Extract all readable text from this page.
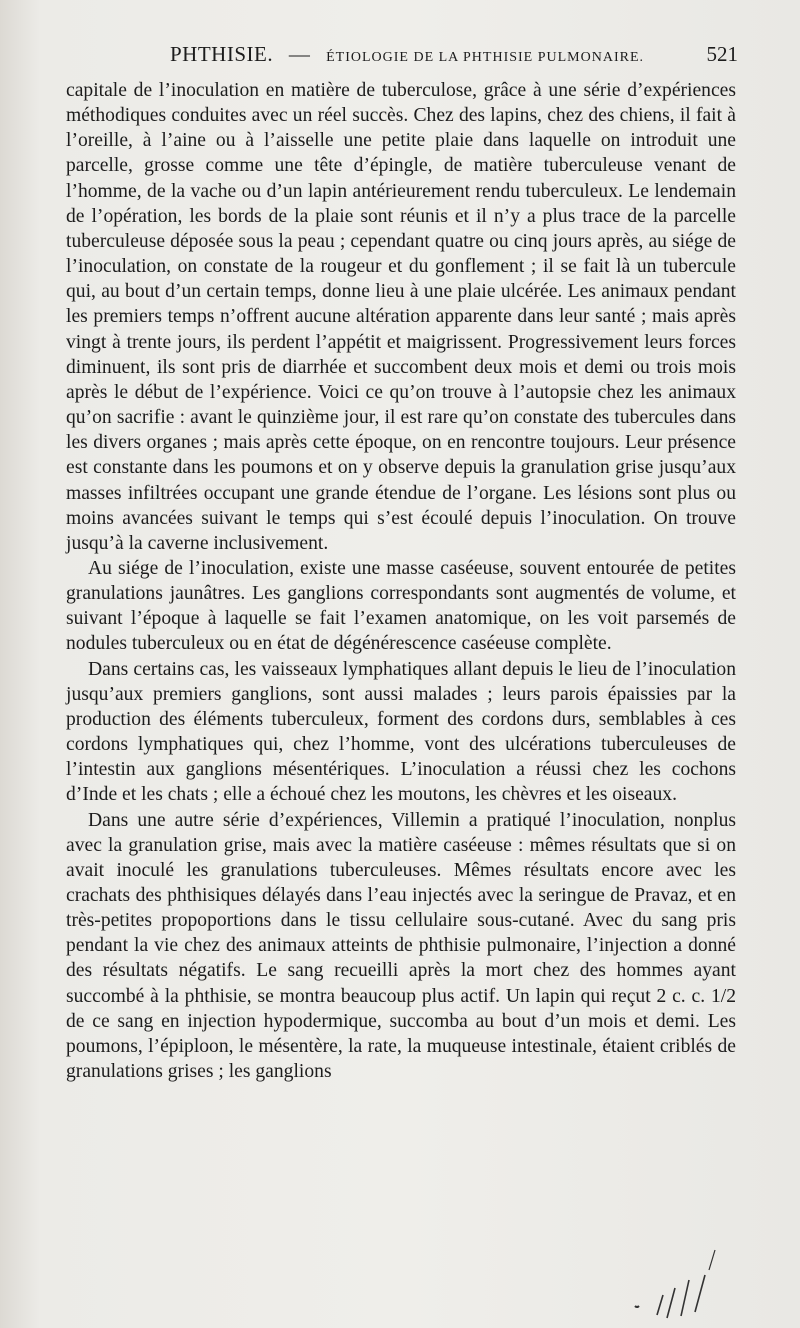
PHTHISIE. — ÉTIOLOGIE DE LA PHTHISIE PULMONAIRE.	521

capitale de l’inoculation en matière de tuberculose, grâce à une série d’expériences méthodiques conduites avec un réel succès. Chez des lapins, chez des chiens, il fait à l’oreille, à l’aine ou à l’aisselle une petite plaie dans laquelle on introduit une parcelle, grosse comme une tête d’épingle, de matière tuberculeuse venant de l’homme, de la vache ou d’un lapin antérieurement rendu tuberculeux. Le lendemain de l’opération, les bords de la plaie sont réunis et il n’y a plus trace de la parcelle tuberculeuse déposée sous la peau ; cependant quatre ou cinq jours après, au siége de l’inoculation, on constate de la rougeur et du gonflement ; il se fait là un tubercule qui, au bout d’un certain temps, donne lieu à une plaie ulcérée. Les animaux pendant les premiers temps n’offrent aucune altération apparente dans leur santé ; mais après vingt à trente jours, ils perdent l’appétit et maigrissent. Progressivement leurs forces diminuent, ils sont pris de diarrhée et succombent deux mois et demi ou trois mois après le début de l’expérience. Voici ce qu’on trouve à l’autopsie chez les animaux qu’on sacrifie : avant le quinzième jour, il est rare qu’on constate des tubercules dans les divers organes ; mais après cette époque, on en rencontre toujours. Leur présence est constante dans les poumons et on y observe depuis la granulation grise jusqu’aux masses infiltrées occupant une grande étendue de l’organe. Les lésions sont plus ou moins avancées suivant le temps qui s’est écoulé depuis l’inoculation. On trouve jusqu’à la caverne inclusivement.

Au siége de l’inoculation, existe une masse caséeuse, souvent entourée de petites granulations jaunâtres. Les ganglions correspondants sont augmentés de volume, et suivant l’époque à laquelle se fait l’examen anatomique, on les voit parsemés de nodules tuberculeux ou en état de dégénérescence caséeuse complète.

Dans certains cas, les vaisseaux lymphatiques allant depuis le lieu de l’inoculation jusqu’aux premiers ganglions, sont aussi malades ; leurs parois épaissies par la production des éléments tuberculeux, forment des cordons durs, semblables à ces cordons lymphatiques qui, chez l’homme, vont des ulcérations tuberculeuses de l’intestin aux ganglions mésentériques. L’inoculation a réussi chez les cochons d’Inde et les chats ; elle a échoué chez les moutons, les chèvres et les oiseaux.

Dans une autre série d’expériences, Villemin a pratiqué l’inoculation, nonplus avec la granulation grise, mais avec la matière caséeuse : mêmes résultats que si on avait inoculé les granulations tuberculeuses. Mêmes résultats encore avec les crachats des phthisiques délayés dans l’eau injectés avec la seringue de Pravaz, et en très-petites propoportions dans le tissu cellulaire sous-cutané. Avec du sang pris pendant la vie chez des animaux atteints de phthisie pulmonaire, l’injection a donné des résultats négatifs. Le sang recueilli après la mort chez des hommes ayant succombé à la phthisie, se montra beaucoup plus actif. Un lapin qui reçut 2 c. c. 1/2 de ce sang en injection hypodermique, succomba au bout d’un mois et demi. Les poumons, l’épiploon, le mésentère, la rate, la muqueuse intestinale, étaient criblés de granulations grises ; les ganglions
